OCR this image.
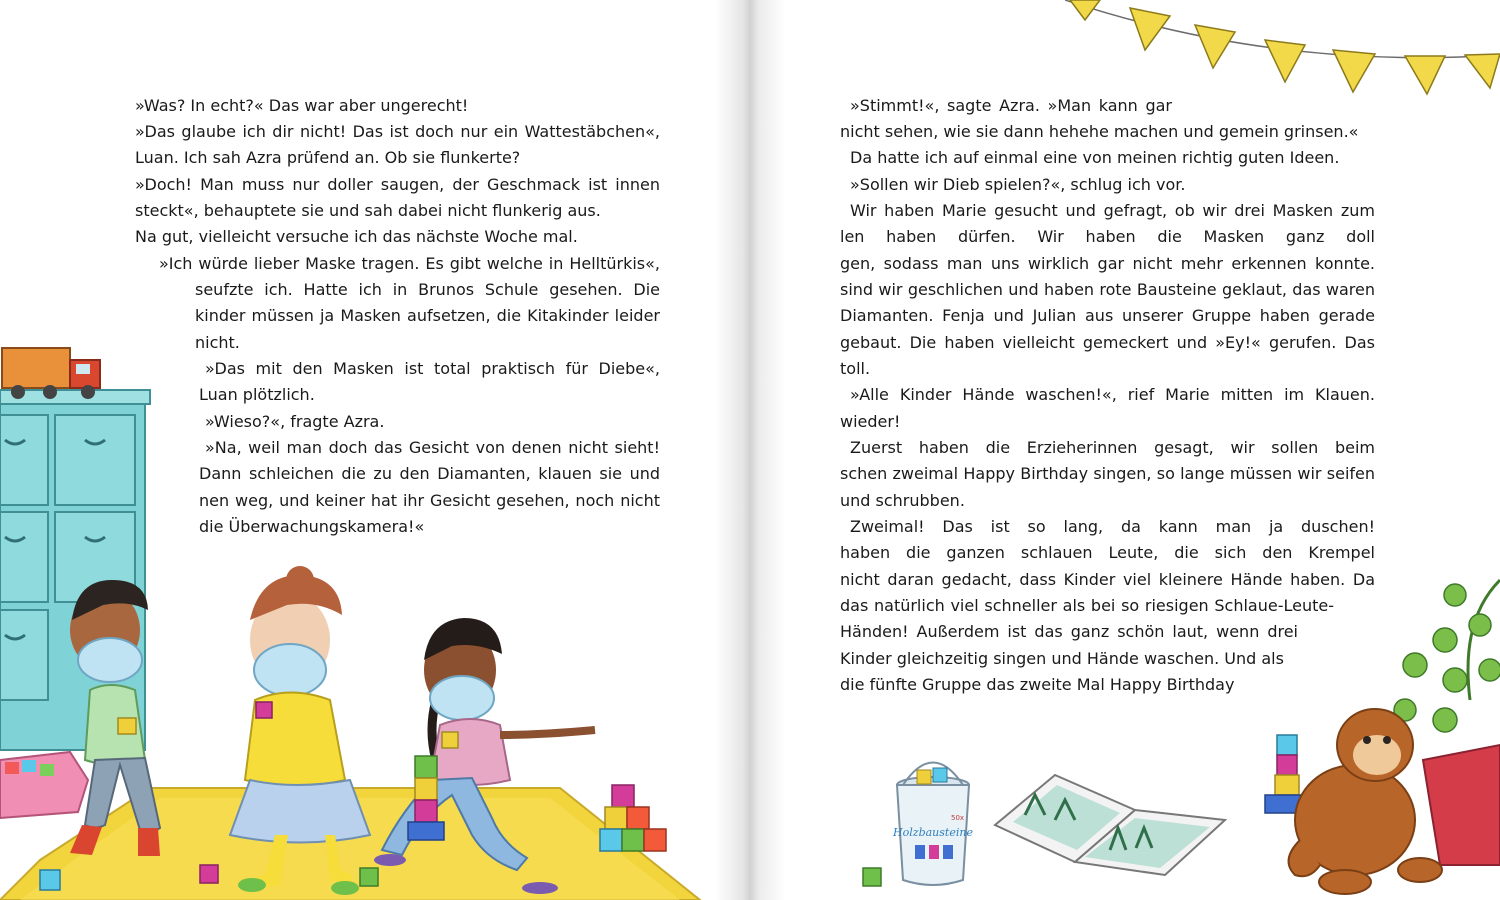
»Was? In echt?« Das war aber ungerecht!
»Das glaube ich dir nicht! Das ist doch nur ein Wattestäbchen«,
Luan. Ich sah Azra prüfend an. Ob sie flunkerte?
»Doch! Man muss nur doller saugen, der Geschmack ist innen
steckt«, behauptete sie und sah dabei nicht flunkerig aus.
Na gut, vielleicht versuche ich das nächste Woche mal.
»Ich würde lieber Maske tragen. Es gibt welche in Helltürkis«,
seufzte ich. Hatte ich in Brunos Schule gesehen. Die
kinder müssen ja Masken aufsetzen, die Kitakinder leider
nicht.
»Das mit den Masken ist total praktisch für Diebe«,
Luan plötzlich.
»Wieso?«, fragte Azra.
»Na, weil man doch das Gesicht von denen nicht sieht!
Dann schleichen die zu den Diamanten, klauen sie und
nen weg, und keiner hat ihr Gesicht gesehen, noch nicht
die Überwachungskamera!«
»Stimmt!«, sagte Azra. »Man kann gar
nicht sehen, wie sie dann hehehe machen und gemein grinsen.«
Da hatte ich auf einmal eine von meinen richtig guten Ideen.
»Sollen wir Dieb spielen?«, schlug ich vor.
Wir haben Marie gesucht und gefragt, ob wir drei Masken zum
len haben dürfen. Wir haben die Masken ganz doll
gen, sodass man uns wirklich gar nicht mehr erkennen konnte.
sind wir geschlichen und haben rote Bausteine geklaut, das waren
Diamanten. Fenja und Julian aus unserer Gruppe haben gerade
gebaut. Die haben vielleicht gemeckert und »Ey!« gerufen. Das
toll.
»Alle Kinder Hände waschen!«, rief Marie mitten im Klauen.
wieder!
Zuerst haben die Erzieherinnen gesagt, wir sollen beim
schen zweimal Happy Birthday singen, so lange müssen wir seifen
und schrubben.
Zweimal! Das ist so lang, da kann man ja duschen!
haben die ganzen schlauen Leute, die sich den Krempel
nicht daran gedacht, dass Kinder viel kleinere Hände haben. Da
das natürlich viel schneller als bei so riesigen Schlaue-Leute-
Händen! Außerdem ist das ganz schön laut, wenn drei
Kinder gleichzeitig singen und Hände waschen. Und als
die fünfte Gruppe das zweite Mal Happy Birthday
50x
Holzbausteine
